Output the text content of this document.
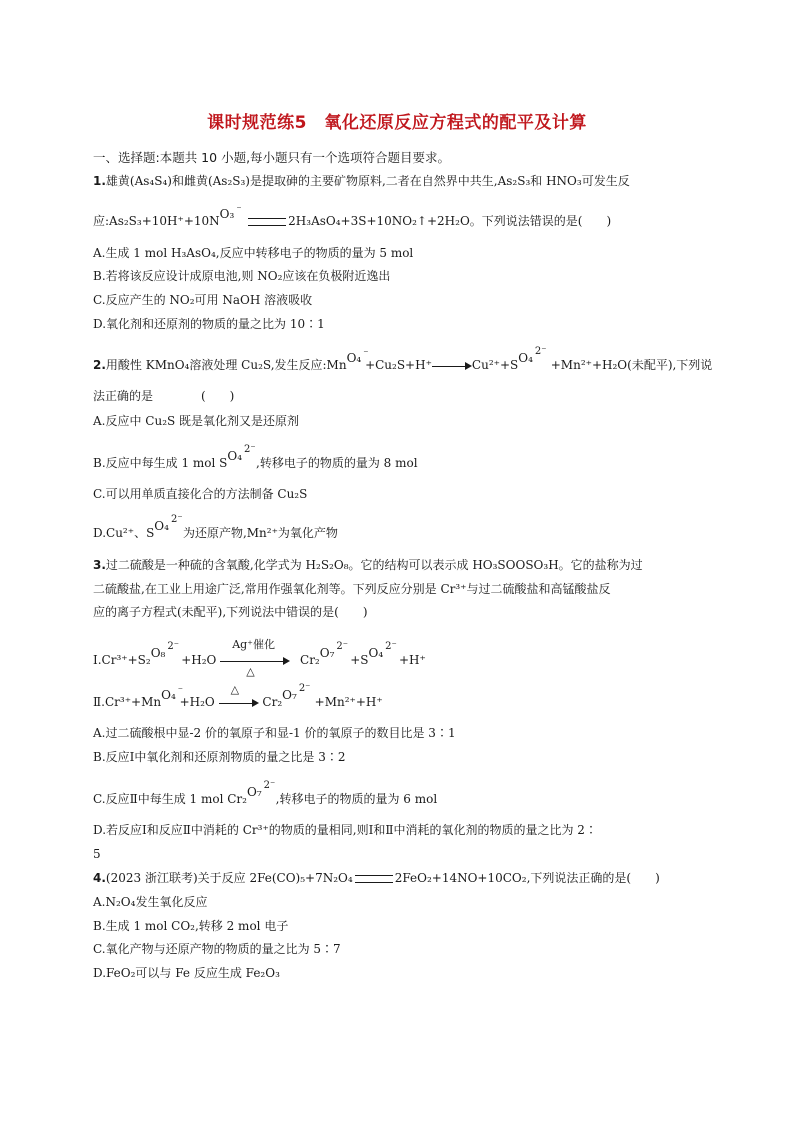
课时规范练5　氧化还原反应方程式的配平及计算
一、选择题:本题共 10 小题,每小题只有一个选项符合题目要求。
1.雄黄(As₄S₄)和雌黄(As₂S₃)是提取砷的主要矿物原料,二者在自然界中共生,As₂S₃和 HNO₃可发生反
应:As₂S₃+10H⁺+10NO₃ ⁻
2H₃AsO₄+3S+10NO₂↑+2H₂O。下列说法错误的是(　　)
A.生成 1 mol H₃AsO₄,反应中转移电子的物质的量为 5 mol
B.若将该反应设计成原电池,则 NO₂应该在负极附近逸出
C.反应产生的 NO₂可用 NaOH 溶液吸收
D.氧化剂和还原剂的物质的量之比为 10∶1
2.用酸性 KMnO₄溶液处理 Cu₂S,发生反应:MnO₄ ⁻
+Cu₂S+H⁺	Cu²⁺+SO₄ 2⁻
+Mn²⁺+H₂O(未配平),下列说
法正确的是　　　　(　　)
A.反应中 Cu₂S 既是氧化剂又是还原剂
B.反应中每生成 1 mol SO₄ 2⁻
,转移电子的物质的量为 8 mol
C.可以用单质直接化合的方法制备 Cu₂S
D.Cu²⁺、SO₄ 2⁻
为还原产物,Mn²⁺为氧化产物
3.过二硫酸是一种硫的含氧酸,化学式为 H₂S₂O₈。它的结构可以表示成 HO₃SOOSO₃H。它的盐称为过
二硫酸盐,在工业上用途广泛,常用作强氧化剂等。下列反应分别是 Cr³⁺与过二硫酸盐和高锰酸盐反
应的离子方程式(未配平),下列说法中错误的是(　　)
Ⅰ.Cr³⁺+S₂O₈ 2⁻
+H₂O
Ag⁺催化
△
Cr₂O₇ 2⁻
+SO₄ 2⁻
+H⁺
Ⅱ.Cr³⁺+MnO₄ ⁻
+H₂O
△
Cr₂O₇ 2⁻
+Mn²⁺+H⁺
A.过二硫酸根中显-2 价的氧原子和显-1 价的氧原子的数目比是 3∶1
B.反应Ⅰ中氧化剂和还原剂物质的量之比是 3∶2
C.反应Ⅱ中每生成 1 mol Cr₂O₇ 2⁻
,转移电子的物质的量为 6 mol
D.若反应Ⅰ和反应Ⅱ中消耗的 Cr³⁺的物质的量相同,则Ⅰ和Ⅱ中消耗的氧化剂的物质的量之比为 2∶
5
4.(2023 浙江联考)关于反应 2Fe(CO)₅+7N₂O₄	2FeO₂+14NO+10CO₂,下列说法正确的是(　　)
A.N₂O₄发生氧化反应
B.生成 1 mol CO₂,转移 2 mol 电子
C.氧化产物与还原产物的物质的量之比为 5∶7
D.FeO₂可以与 Fe 反应生成 Fe₂O₃
